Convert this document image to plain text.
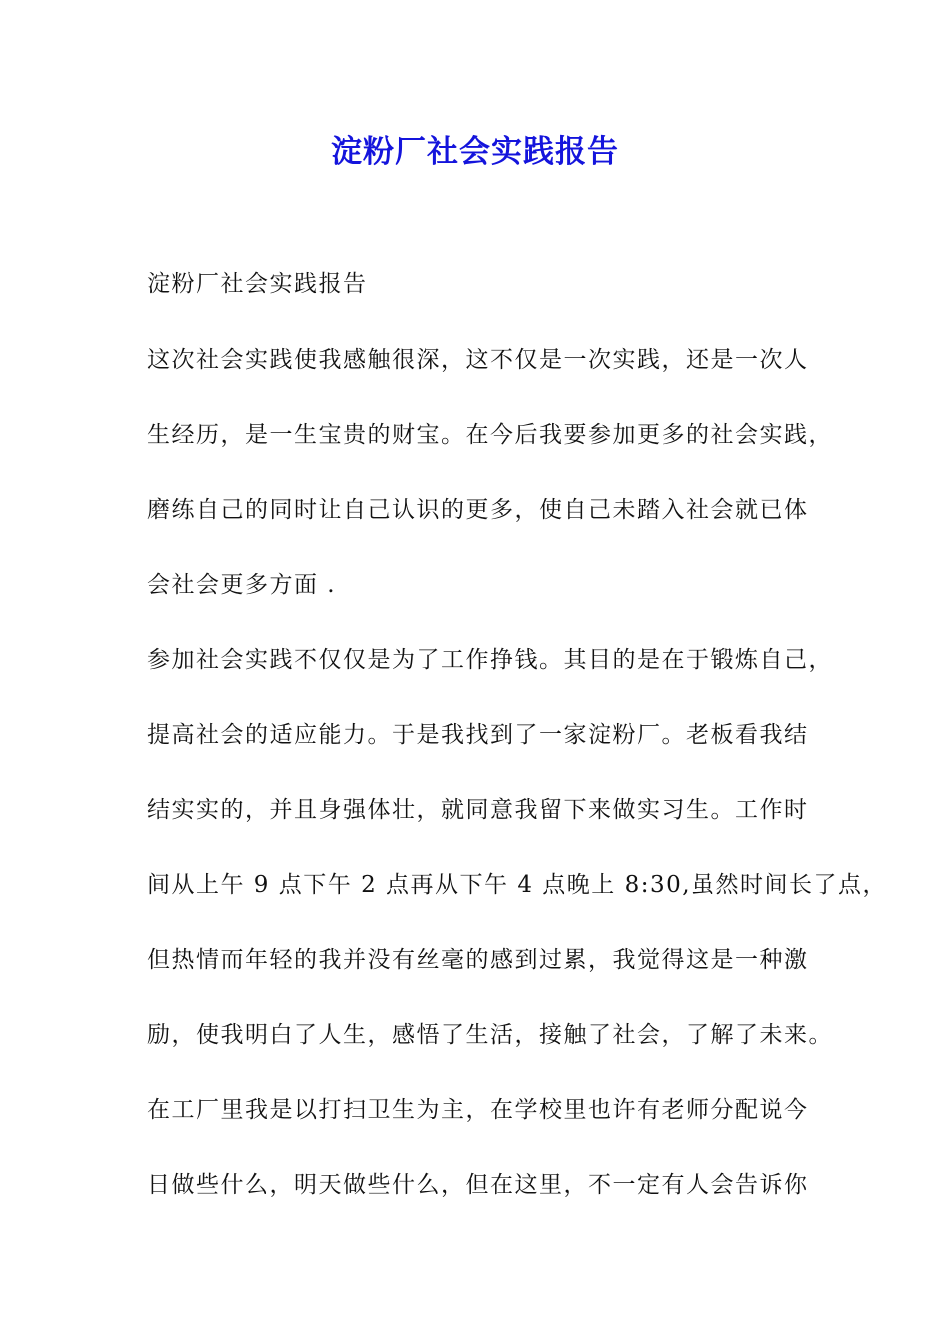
淀粉厂社会实践报告
淀粉厂社会实践报告
这次社会实践使我感触很深，这不仅是一次实践，还是一次人
生经历，是一生宝贵的财宝。在今后我要参加更多的社会实践，
磨练自己的同时让自己认识的更多，使自己未踏入社会就已体
会社会更多方面 .
参加社会实践不仅仅是为了工作挣钱。其目的是在于锻炼自己，
提高社会的适应能力。于是我找到了一家淀粉厂。老板看我结
结实实的，并且身强体壮，就同意我留下来做实习生。工作时
间从上午 9 点下午 2 点再从下午 4 点晚上 8:30,虽然时间长了点，
但热情而年轻的我并没有丝毫的感到过累，我觉得这是一种激
励，使我明白了人生，感悟了生活，接触了社会，了解了未来。
在工厂里我是以打扫卫生为主，在学校里也许有老师分配说今
日做些什么，明天做些什么，但在这里，不一定有人会告诉你
